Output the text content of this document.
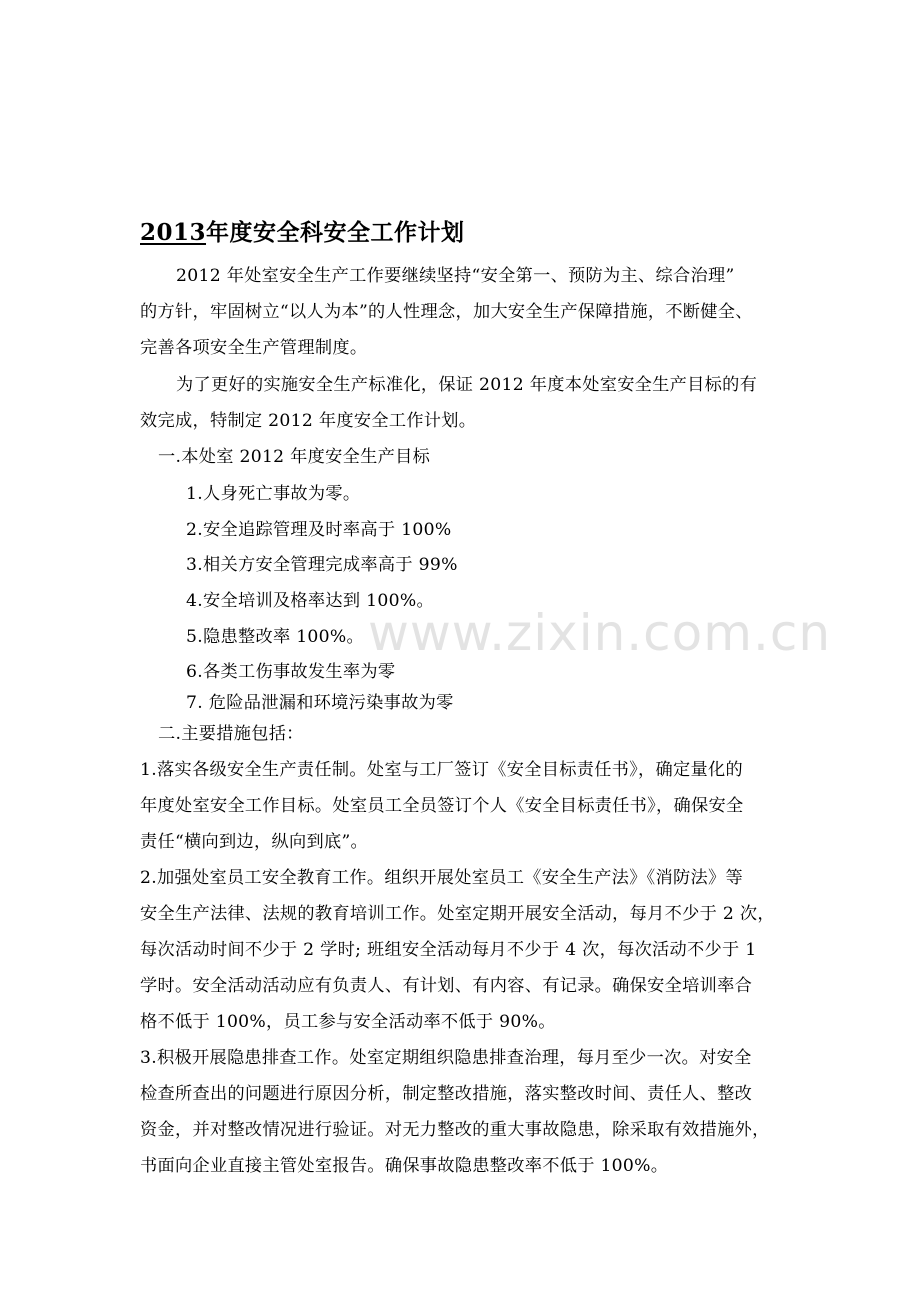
www.zixin.com.cn
2013年度安全科安全工作计划
2012 年处室安全生产工作要继续坚持“安全第一、预防为主、综合治理”
的方针，牢固树立“以人为本”的人性理念，加大安全生产保障措施，不断健全、
完善各项安全生产管理制度。
为了更好的实施安全生产标准化，保证 2012 年度本处室安全生产目标的有
效完成，特制定 2012 年度安全工作计划。
一.本处室 2012 年度安全生产目标
1.人身死亡事故为零。
2.安全追踪管理及时率高于 100%
3.相关方安全管理完成率高于 99%
4.安全培训及格率达到 100%。
5.隐患整改率 100%。
6.各类工伤事故发生率为零
7. 危险品泄漏和环境污染事故为零
二.主要措施包括：
1.落实各级安全生产责任制。处室与工厂签订《安全目标责任书》，确定量化的
年度处室安全工作目标。处室员工全员签订个人《安全目标责任书》，确保安全
责任“横向到边，纵向到底”。
2.加强处室员工安全教育工作。组织开展处室员工《安全生产法》《消防法》等
安全生产法律、法规的教育培训工作。处室定期开展安全活动，每月不少于 2 次，
每次活动时间不少于 2 学时; 班组安全活动每月不少于 4 次，每次活动不少于 1
学时。安全活动活动应有负责人、有计划、有内容、有记录。确保安全培训率合
格不低于 100%，员工参与安全活动率不低于 90%。
3.积极开展隐患排查工作。处室定期组织隐患排查治理，每月至少一次。对安全
检查所查出的问题进行原因分析，制定整改措施，落实整改时间、责任人、整改
资金，并对整改情况进行验证。对无力整改的重大事故隐患，除采取有效措施外，
书面向企业直接主管处室报告。确保事故隐患整改率不低于 100%。
